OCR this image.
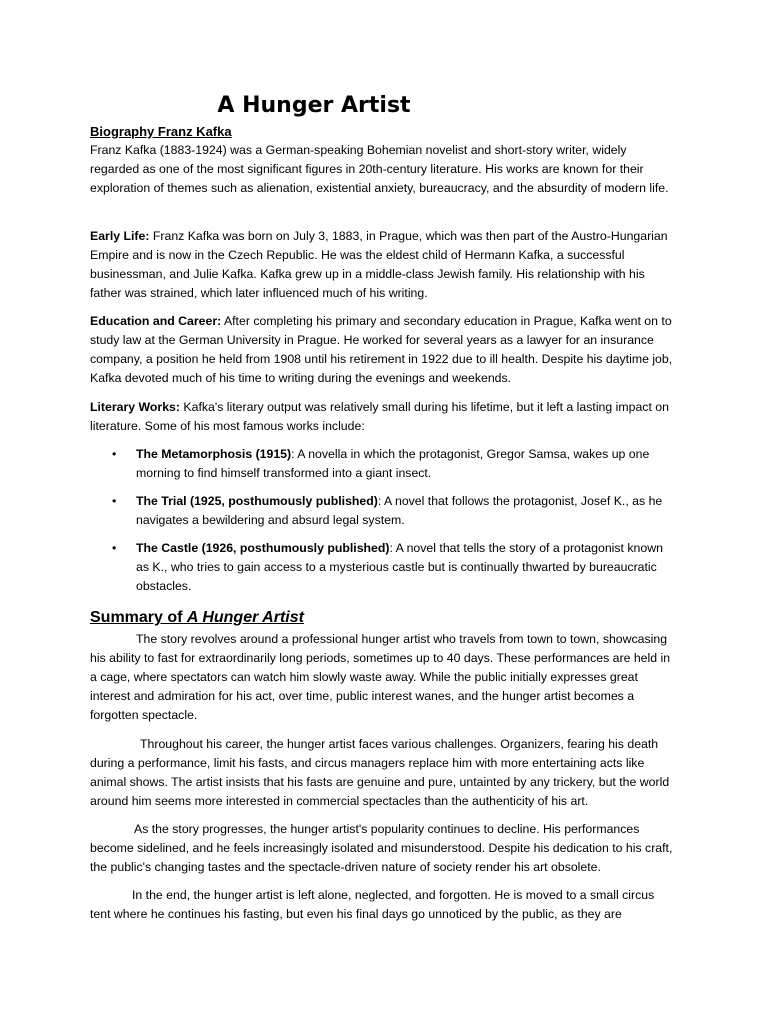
A Hunger Artist

Biography Franz Kafka

Franz Kafka (1883-1924) was a German-speaking Bohemian novelist and short-story writer, widely regarded as one of the most significant figures in 20th-century literature. His works are known for their exploration of themes such as alienation, existential anxiety, bureaucracy, and the absurdity of modern life.

Early Life: Franz Kafka was born on July 3, 1883, in Prague, which was then part of the Austro-Hungarian Empire and is now in the Czech Republic. He was the eldest child of Hermann Kafka, a successful businessman, and Julie Kafka. Kafka grew up in a middle-class Jewish family. His relationship with his father was strained, which later influenced much of his writing.

Education and Career: After completing his primary and secondary education in Prague, Kafka went on to study law at the German University in Prague. He worked for several years as a lawyer for an insurance company, a position he held from 1908 until his retirement in 1922 due to ill health. Despite his daytime job, Kafka devoted much of his time to writing during the evenings and weekends.

Literary Works: Kafka's literary output was relatively small during his lifetime, but it left a lasting impact on literature. Some of his most famous works include:

• The Metamorphosis (1915): A novella in which the protagonist, Gregor Samsa, wakes up one morning to find himself transformed into a giant insect.
• The Trial (1925, posthumously published): A novel that follows the protagonist, Josef K., as he navigates a bewildering and absurd legal system.
• The Castle (1926, posthumously published): A novel that tells the story of a protagonist known as K., who tries to gain access to a mysterious castle but is continually thwarted by bureaucratic obstacles.

Summary of A Hunger Artist

The story revolves around a professional hunger artist who travels from town to town, showcasing his ability to fast for extraordinarily long periods, sometimes up to 40 days. These performances are held in a cage, where spectators can watch him slowly waste away. While the public initially expresses great interest and admiration for his act, over time, public interest wanes, and the hunger artist becomes a forgotten spectacle.

Throughout his career, the hunger artist faces various challenges. Organizers, fearing his death during a performance, limit his fasts, and circus managers replace him with more entertaining acts like animal shows. The artist insists that his fasts are genuine and pure, untainted by any trickery, but the world around him seems more interested in commercial spectacles than the authenticity of his art.

As the story progresses, the hunger artist's popularity continues to decline. His performances become sidelined, and he feels increasingly isolated and misunderstood. Despite his dedication to his craft, the public's changing tastes and the spectacle-driven nature of society render his art obsolete.

In the end, the hunger artist is left alone, neglected, and forgotten. He is moved to a small circus tent where he continues his fasting, but even his final days go unnoticed by the public, as they are
